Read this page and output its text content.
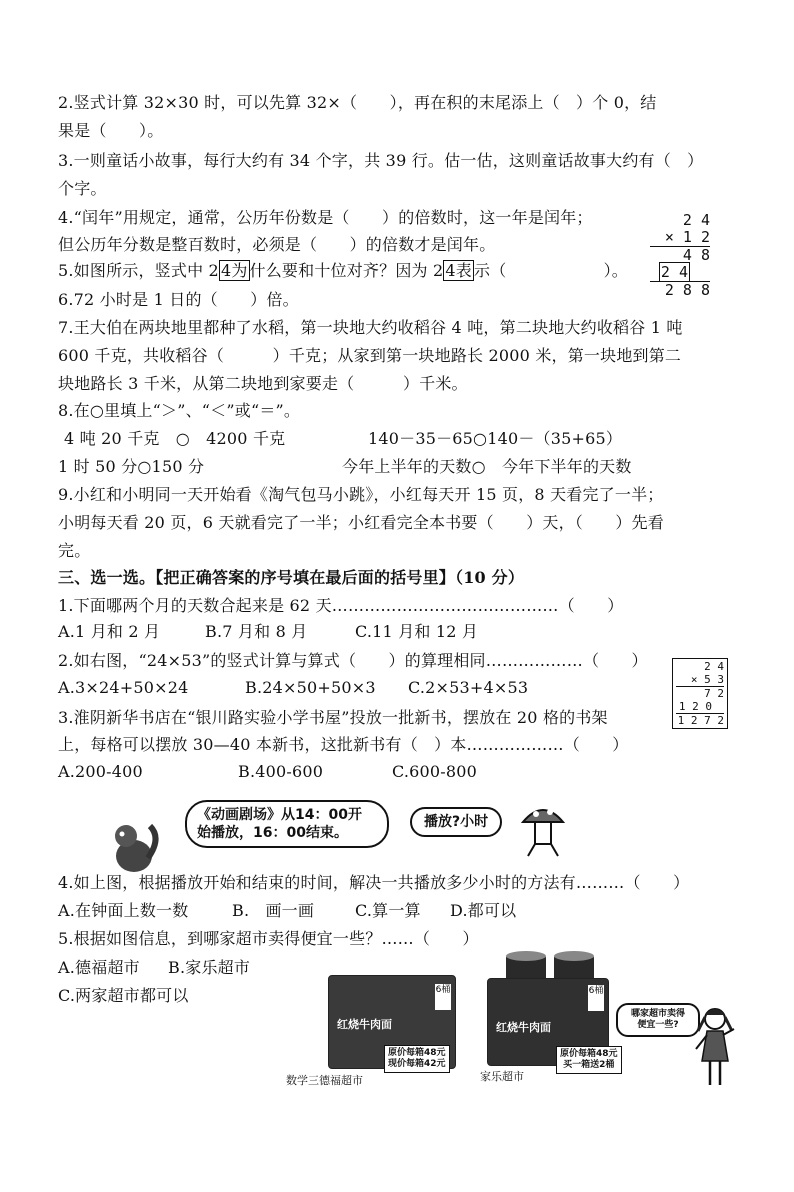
2.竖式计算 32×30 时，可以先算 32×（　　），再在积的末尾添上（　）个 0，结
果是（　　）。
3.一则童话小故事，每行大约有 34 个字，共 39 行。估一估，这则童话故事大约有（　）
个字。
4.“闰年”用规定，通常，公历年份数是（　　）的倍数时，这一年是闰年；
但公历年分数是整百数时，必须是（　　）的倍数才是闰年。
5.如图所示，竖式中 2 4为 什么要和十位对齐？因为 2 4表 示（　　　　　　）。
6.72 小时是 1 日的（　　）倍。
7.王大伯在两块地里都种了水稻，第一块地大约收稻谷 4 吨，第二块地大约收稻谷 1 吨
600 千克，共收稻谷（　　　）千克；从家到第一块地路长 2000 米，第一块地到第二
块地路长 3 千米，从第二块地到家要走（　　　）千米。
8.在○里填上“＞”、“＜”或“＝”。
4 吨 20 千克　○　4200 千克	140－35－65○140－（35+65）
1 时 50 分○150 分	今年上半年的天数○　今年下半年的天数
9.小红和小明同一天开始看《淘气包马小跳》，小红每天开 15 页，8 天看完了一半；
小明每天看 20 页，6 天就看完了一半；小红看完全本书要（　　）天，（　　）先看
完。
2 4
× 1 2
4 8
2 4
2 8 8
三、选一选。【把正确答案的序号填在最后面的括号里】（10 分）
1.下面哪两个月的天数合起来是 62 天……………………………………（　　）
A.1 月和 2 月	B.7 月和 8 月	C.11 月和 12 月
2.如右图，“24×53”的竖式计算与算式（　　）的算理相同………………（　　）
A.3×24+50×24	B.24×50+50×3 C.2×53+4×53
2 4
× 5 3
7 2
1 2 0
1 2 7 2
3.淮阴新华书店在“银川路实验小学书屋”投放一批新书，摆放在 20 格的书架
上，每格可以摆放 30—40 本新书，这批新书有（　）本………………（　　）
A.200-400	B.400-600	C.600-800
《动画剧场》从14：00开
始播放，16：00结束。
播放?小时
4.如上图，根据播放开始和结束的时间，解决一共播放多少小时的方法有………（　　）
A.在钟面上数一数	B.　画一画	C.算一算 D.都可以
5.根据如图信息，到哪家超市卖得便宜一些？……（　　）
A.德福超市 B.家乐超市
C.两家超市都可以
红烧牛肉面
6桶
原价每箱48元
现价每箱42元
数学三德福超市
红烧牛肉面
6桶
原价每箱48元
买一箱送2桶
家乐超市
哪家超市卖得
便宜一些?
